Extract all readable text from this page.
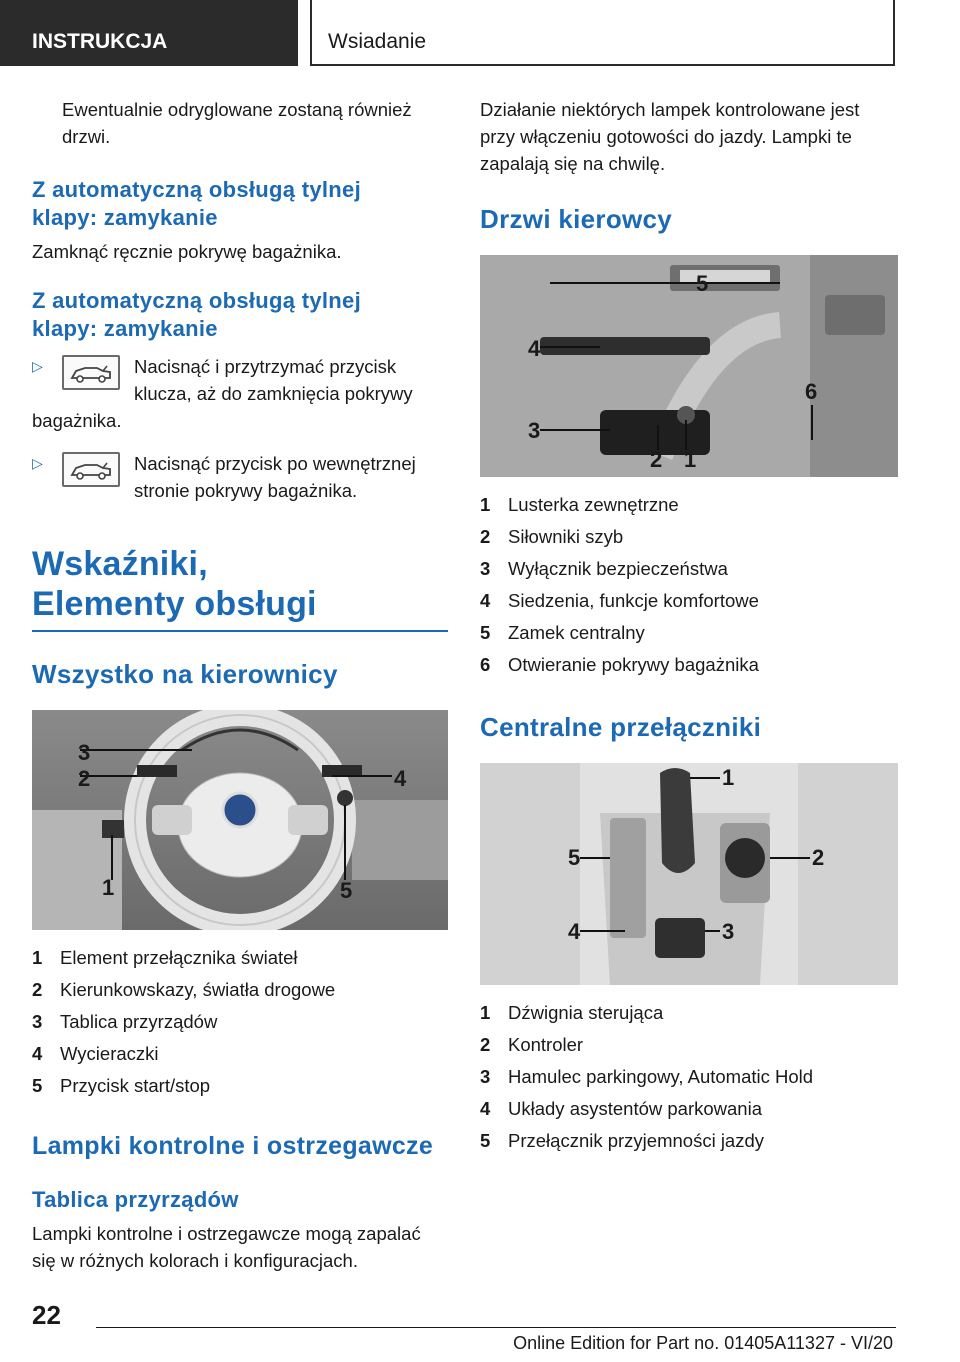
INSTRUKCJA	Wsiadanie
Ewentualnie odryglowane zostaną również drzwi.
Z automatyczną obsługą tylnej klapy: zamykanie
Zamknąć ręcznie pokrywę bagażnika.
Z automatyczną obsługą tylnej klapy: zamykanie
▷	Nacisnąć i przytrzymać przycisk klucza, aż do zamknięcia pokrywy bagażnika.
▷	Nacisnąć przycisk po wewnętrznej stronie pokrywy bagażnika.
Wskaźniki, Elementy obsługi
Wszystko na kierownicy
1
2
3
4
5
1 Element przełącznika świateł
2 Kierunkowskazy, światła drogowe
3 Tablica przyrządów
4 Wycieraczki
5 Przycisk start/stop
Lampki kontrolne i ostrzegawcze
Tablica przyrządów
Lampki kontrolne i ostrzegawcze mogą zapalać się w różnych kolorach i konfiguracjach.
Działanie niektórych lampek kontrolowane jest przy włączeniu gotowości do jazdy. Lampki te zapalają się na chwilę.
Drzwi kierowcy
1
2
3
4
5
6
1 Lusterka zewnętrzne
2 Siłowniki szyb
3 Wyłącznik bezpieczeństwa
4 Siedzenia, funkcje komfortowe
5 Zamek centralny
6 Otwieranie pokrywy bagażnika
Centralne przełączniki
1
2
3
4
5
1 Dźwignia sterująca
2 Kontroler
3 Hamulec parkingowy, Automatic Hold
4 Układy asystentów parkowania
5 Przełącznik przyjemności jazdy
22
Online Edition for Part no. 01405A11327 - VI/20
